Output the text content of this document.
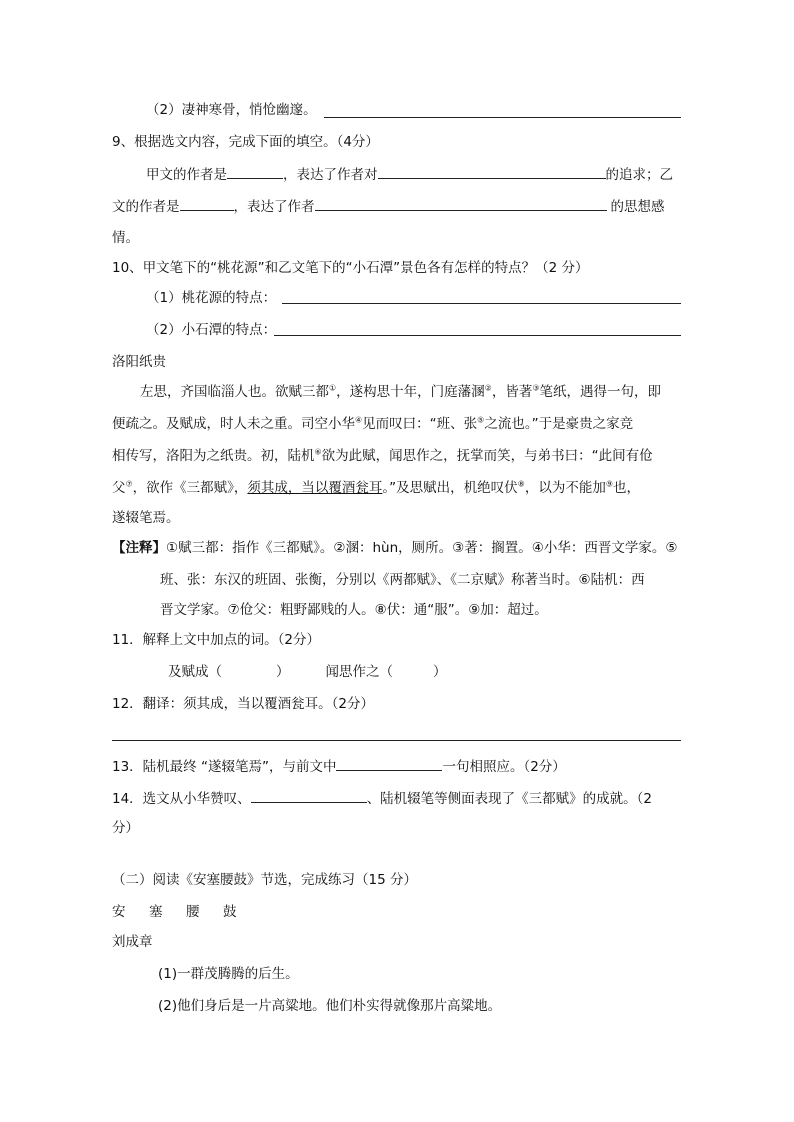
（2）凄神寒骨，悄怆幽邃。
9、根据选文内容，完成下面的填空。（4分）
甲文的作者是	，表达了作者对	的追求；乙
文的作者是	，表达了作者	的思想感
情。
10、甲文笔下的“桃花源”和乙文笔下的“小石潭”景色各有怎样的特点？（2 分）
（1）桃花源的特点：
（2）小石潭的特点：
洛阳纸贵
左思，齐国临淄人也。欲赋三都①，遂构思十年，门庭藩溷②，皆著③笔纸，遇得一句，即
便疏之。及赋成，时人未之重。司空小华④见而叹曰：“班、张⑤之流也。”于是豪贵之家竞
相传写，洛阳为之纸贵。初，陆机⑥欲为此赋，闻思作之，抚掌而笑，与弟书曰：“此间有伧
父⑦，欲作《三都赋》，须其成，当以覆酒瓮耳。”及思赋出，机绝叹伏⑧，以为不能加⑨也，
遂辍笔焉。
【注释】①赋三都：指作《三都赋》。②溷：hùn，厕所。③著：搁置。④小华：西晋文学家。⑤
班、张：东汉的班固、张衡，分别以《两都赋》、《二京赋》称著当时。⑥陆机：西
晋文学家。⑦伧父：粗野鄙贱的人。⑧伏：通“服”。⑨加：超过。
11．解释上文中加点的词。（2分）
及赋成（	）	闻思作之（	）
12．翻译：须其成，当以覆酒瓮耳。（2分）
13．陆机最终 “遂辍笔焉”，与前文中	一句相照应。（2分）
14．选文从小华赞叹、	、陆机辍笔等侧面表现了《三都赋》的成就。（2
分）
（二）阅读《安塞腰鼓》节选，完成练习（15 分）
安 塞 腰 鼓
刘成章
(1)一群茂腾腾的后生。
(2)他们身后是一片高粱地。他们朴实得就像那片高粱地。
